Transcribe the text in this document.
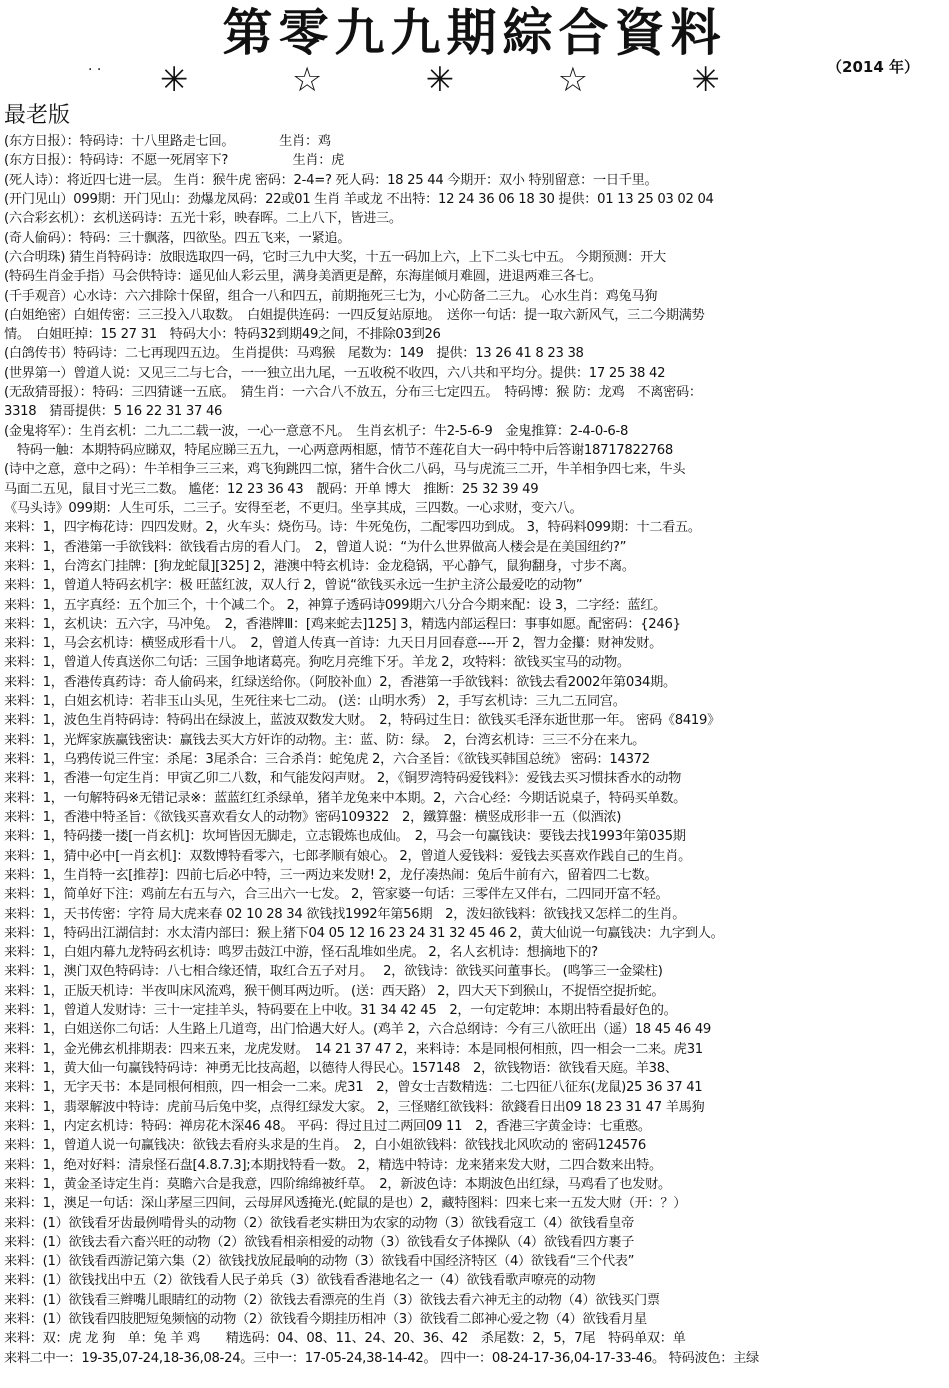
第零九九期綜合資料
· · ✳	☆	✳	☆	✳	（2014 年）
最老版
(东方日报）：特码诗：十八里路走七回。　　　　生肖：鸡
(东方日报）：特码诗：不愿一死屑宰下?　　　　　生肖：虎
(死人诗）：将近四七进一层。 生肖：猴牛虎 密码：2-4=? 死人码：18 25 44 今期开：双小 特别留意：一日千里。
(开门见山）099期：开门见山：劲爆龙凤码：22或01 生肖 羊或龙 不出特：12 24 36 06 18 30 提供：01 13 25 03 02 04
(六合彩玄机）：玄机送码诗：五光十彩，映春晖。二上八下，皆进三。
(奇人偷码）：特码：三十飘落，四欲坠。四五飞来，一紧追。
(六合明珠) 猜生肖特码诗：放眼选取四一码，它时三九中大奖，十五一码加上六，上下二头七中五。 今期预测：开大
(特码生肖金手指）马会供特诗：遥见仙人彩云里，满身美酒更是醉，东海崖倾月难圆，进退两难三各七。
(千手观音）心水诗：六六排除十保留，组合一八和四五，前期拖死三七为，小心防备二三九。 心水生肖：鸡兔马狗
(白姐绝密）白姐传密：三三投入八取数。　白姐提供连码：一四反复站原地。　送你一句话：提一取六新风气，三二今期满势
情。　白姐旺掉：15 27 31　特码大小：特码32到期49之间，不排除03到26
(白鸽传书）特码诗：二七再现四五边。 生肖提供：马鸡猴　尾数为：149　提供：13 26 41 8 23 38
(世界第一）曾道人说：又见三二与七合，一一独立出九尾，一五收税不收四，六八共和平均分。提供：17 25 38 42
(无敌猜哥报）：特码：三四猜谜一五底。　猜生肖：一六合八不放五，分布三七定四五。　特码博：猴 防：龙鸡　不离密码：
3318　猜哥提供：5 16 22 31 37 46
(金鬼将军）：生肖玄机：二九二二载一波，一心一意意不凡。　生肖玄机子：牛2-5-6-9　金鬼推算：2-4-0-6-8
　特码一触：本期特码应睇双，特尾应睇三五九，一心两意两相愿，情节不莲花自大一码中特中后答谢18717822768
(诗中之意，意中之码）：牛羊相争三三来，鸡飞狗跳四二惊，猪牛合伙二八码，马与虎流三二开，牛羊相争四七来，牛头
马面二五见，鼠目寸光三二数。 尴佬：12 23 36 43　靓码：开单 博大　推断：25 32 39 49
《马头诗》099期：人生可乐，二三子。安得至老，不更归。坐享其成，三四数。一心求财，变六八。
来料：1，四字梅花诗：四四发财。2，火车头：烧伤马。诗：牛死兔伤，二配零四功到成。 3，特码料099期：十二看五。
来料：1，香港第一手欲钱料：欲钱看古房的看人门。　2，曾道人说：“为什么世界做高人楼会是在美国纽约?”
来料：1，台湾玄门挂牌：[狗龙蛇鼠][325] 2，港澳中特玄机诗：金龙稳锅，平心静气，鼠狗翻身，寸步不离。
来料：1，曾道人特码玄机字：极 旺蓝红波，双人行 2，曾说“欲钱买永远一生护主济公最爱吃的动物”
来料：1，五字真经：五个加三个，十个减二个。 2，神算子透码诗099期六八分合今期来配：设 3，二字经：蓝红。
来料：1，玄机诀：五六字，马冲兔。　2，香港牌Ⅲ：[鸡来蛇去]125] 3，精选内部运程曰：事事如愿。配密码：{246}
来料：1，马会玄机诗：横竖成形看十八。　2，曾道人传真一首诗：九天日月回春意----开 2，智力金攥：财神发财。
来料：1，曾道人传真送你二句话：三国争地诸葛亮。狗吃月亮维下牙。羊龙 2，攻特料：欲钱买宝马的动物。
来料：1，香港传真药诗：奇人偷码来，红绿送给你。（阿胶补血）2，香港第一手欲钱料：欲钱去看2002年第034期。
来料：1，白姐玄机诗：若非玉山头见，生死往来七二动。 (送：山明水秀） 2，手写玄机诗：三九二五同宫。
来料：1，波色生肖特码诗：特码出在绿波上，蓝波双数发大财。　2，特码过生日：欲钱买毛泽东逝世那一年。 密码《8419》
来料：1，光辉家族赢钱密诀：赢钱去买大方奸诈的动物。主：蓝、防：绿。　2，台湾玄机诗：三三不分在来九。
来料：1，乌鸦传说三件宝：杀尾：3尾杀合：三合杀肖：蛇兔虎 2，六合圣旨：《欲钱买韩国总统》 密码：14372
来料：1，香港一句定生肖：甲寅乙卯二八数，和气能发闷声财。 2，《铜罗湾特码爱钱料》：爱钱去买习惯抹香水的动物
来料：1，一句解特码※无错记录※：蓝蓝红红杀绿单，猪羊龙兔来中本期。2，六合心经：今期话说桌子，特码买单数。
来料：1，香港中特圣旨：《欲钱买喜欢看女人的动物》密码109322　2，鐵算盤：横竖成形非一五（似酒浓)
来料：1，特码搂一搂[一肖玄机]：坎坷皆因无脚走，立志锻炼也成仙。　2，马会一句赢钱诀：要钱去找1993年第035期
来料：1，猜中必中[一肖玄机]：双数博特看零六，七郎孝顺有娘心。 2，曾道人爱钱料：爱钱去买喜欢作践自己的生肖。
来料：1，生肖特一玄[推荐]：四前七后必中特，三一两边来发财! 2，龙仔凑热闹：兔后牛前有六，留着四二七数。
来料：1，简单好下注：鸡前左右五与六，合三出六一七发。 2，管家婆一句话：三零伴左又伴右，二四同开富不轻。
来料：1，天书传密：字符 局大虎来春 02 10 28 34 欲钱找1992年第56期　2，泼妇欲钱料：欲钱找又怎样二的生肖。
来料：1，特码出江湖信封：水太清内部曰：猴上猪下04 05 12 16 23 24 31 32 45 46 2，黄大仙说一句赢钱决：九字到人。
来料：1，白姐内幕九龙特码玄机诗：鸣罗击鼓江中游，怪石乱堆如坐虎。 2，名人玄机诗：想摘地下的?
来料：1，澳门双色特码诗：八七相合缘还情，取红合五子对月。　 2，欲钱诗：欲钱买问董事长。 (鸣筝三一金粱柱)
来料：1，正版天机诗：半夜叫床风流鸡，猴干侧耳两边听。 (送：西天路） 2，四大天下到猴山，不捉悟空捉折蛇。
来料：1，曾道人发财诗：三十一定挂羊头，特码要在上中收。31 34 42 45　2，一句定乾坤：本期出特看最好色的。
来料：1，白姐送你二句话：人生路上几道弯，出门恰遇大好人。(鸡羊 2，六合总纲诗：今有三八欲旺出（遥）18 45 46 49
来料：1，金光佛玄机排期表：四来五来，龙虎发财。　14 21 37 47 2，来料诗：本是同根何相煎，四一相会一二来。虎31
来料：1，黄大仙一句赢钱特码诗：神勇无比技高超，以德待人得民心。157148　2，欲钱物语：欲钱看天庭。羊38、
来料：1，无字天书：本是同根何相煎，四一相会一二来。虎31　2，曾女士吉数精选：二七四征八征东(龙鼠)25 36 37 41
来料：1，翡翠解波中特诗：虎前马后兔中奖，点得红绿发大家。 2，三怪赌红欲钱料：欲錢看日出09 18 23 31 47 羊馬狗
来料：1，内定玄机诗：特码：禅房花木深46 48。 平码：得过且过二两回09 11　2，香港三字黄金诗：七重憨。
来料：1，曾道人说一句赢钱决：欲钱去看府头求是的生肖。　2，白小姐欲钱料：欲钱找北风吹动的 密码124576
来料：1，绝对好料：清泉怪石盘[4.8.7.3];本期找特看一数。 2，精选中特诗：龙来猪来发大财，二四合数来出特。
来料：1，黄金圣诗定生肖：莫瞻六合是我意，四阶绵绵被纤草。　2，新波色诗：本期波色出红绿，马鸡看了也发财。
来料：1，澳足一句话：深山茅屋三四间，云母屏风透掩光.(蛇鼠的是也）2，藏特图料：四来七来一五发大财（开：？）
来料：(1）欲钱看牙齿最例啃骨头的动物（2）欲钱看老实耕田为农家的动物（3）欲钱看寇工（4）欲钱看皇帝
来料：(1）欲钱去看六畜兴旺的动物（2）欲钱看相亲相爱的动物（3）欲钱看女子体操队（4）欲钱看四方裹子
来料：(1）欲钱看西游记第六集（2）欲钱找放屁最响的动物（3）欲钱看中国经济特区（4）欲钱看“三个代表”
来料：(1）欲钱找出中五（2）欲钱看人民子弟兵（3）欲钱看香港地名之一（4）欲钱看歌声嘹亮的动物
来料：(1）欲钱看三辫嘴儿眼睛红的动物（2）欲钱去看漂亮的生肖（3）欲钱去看六神无主的动物（4）欲钱买门票
来料：(1）欲钱看四肢肥短兔频恼的动物（2）欲钱看今期挂历相冲（3）欲钱看二郎神心爱之物（4）欲钱看月星
来料：双：虎 龙 狗　单：兔 羊 鸡　　精选码：04、08、11、24、20、36、42　杀尾数：2，5，7尾　特码单双：单
来料二中一：19-35,07-24,18-36,08-24。三中一：17-05-24,38-14-42。 四中一：08-24-17-36,04-17-33-46。 特码波色：主绿
